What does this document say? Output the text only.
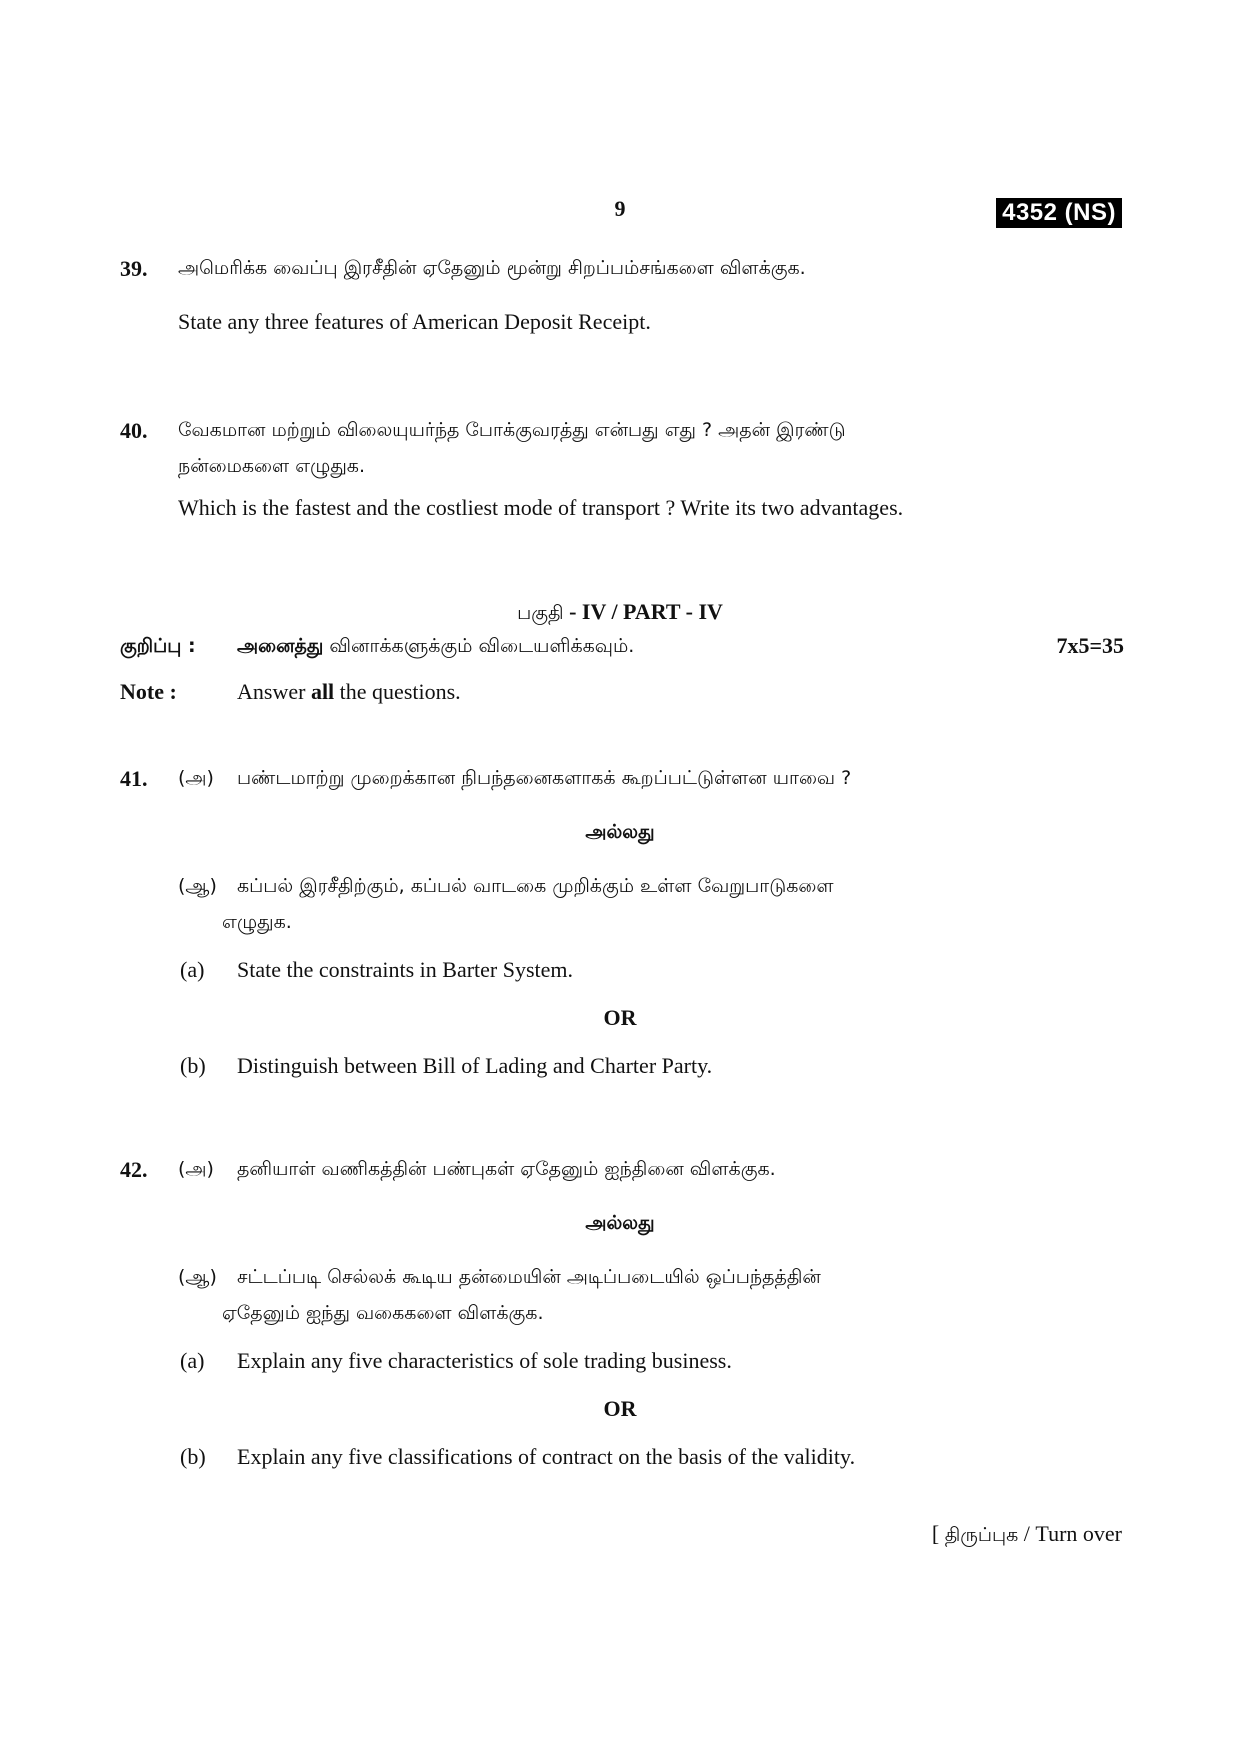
9	4352 (NS)
39. அமெரிக்க வைப்பு இரசீதின் ஏதேனும் மூன்று சிறப்பம்சங்களை விளக்குக.
State any three features of American Deposit Receipt.
40. வேகமான மற்றும் விலையுயர்ந்த போக்குவரத்து என்பது எது ? அதன் இரண்டு
நன்மைகளை எழுதுக.
Which is the fastest and the costliest mode of transport ? Write its two advantages.
பகுதி - IV / PART - IV
குறிப்பு : அனைத்து வினாக்களுக்கும் விடையளிக்கவும்.	7x5=35
Note :	Answer all the questions.
41. (அ) பண்டமாற்று முறைக்கான நிபந்தனைகளாகக் கூறப்பட்டுள்ளன யாவை ?
அல்லது
(ஆ) கப்பல் இரசீதிற்கும், கப்பல் வாடகை முறிக்கும் உள்ள வேறுபாடுகளை
எழுதுக.
(a) State the constraints in Barter System.
OR
(b) Distinguish between Bill of Lading and Charter Party.
42. (அ) தனியாள் வணிகத்தின் பண்புகள் ஏதேனும் ஐந்தினை விளக்குக.
அல்லது
(ஆ) சட்டப்படி செல்லக் கூடிய தன்மையின் அடிப்படையில் ஒப்பந்தத்தின்
ஏதேனும் ஐந்து வகைகளை விளக்குக.
(a) Explain any five characteristics of sole trading business.
OR
(b) Explain any five classifications of contract on the basis of the validity.
[ திருப்புக / Turn over
